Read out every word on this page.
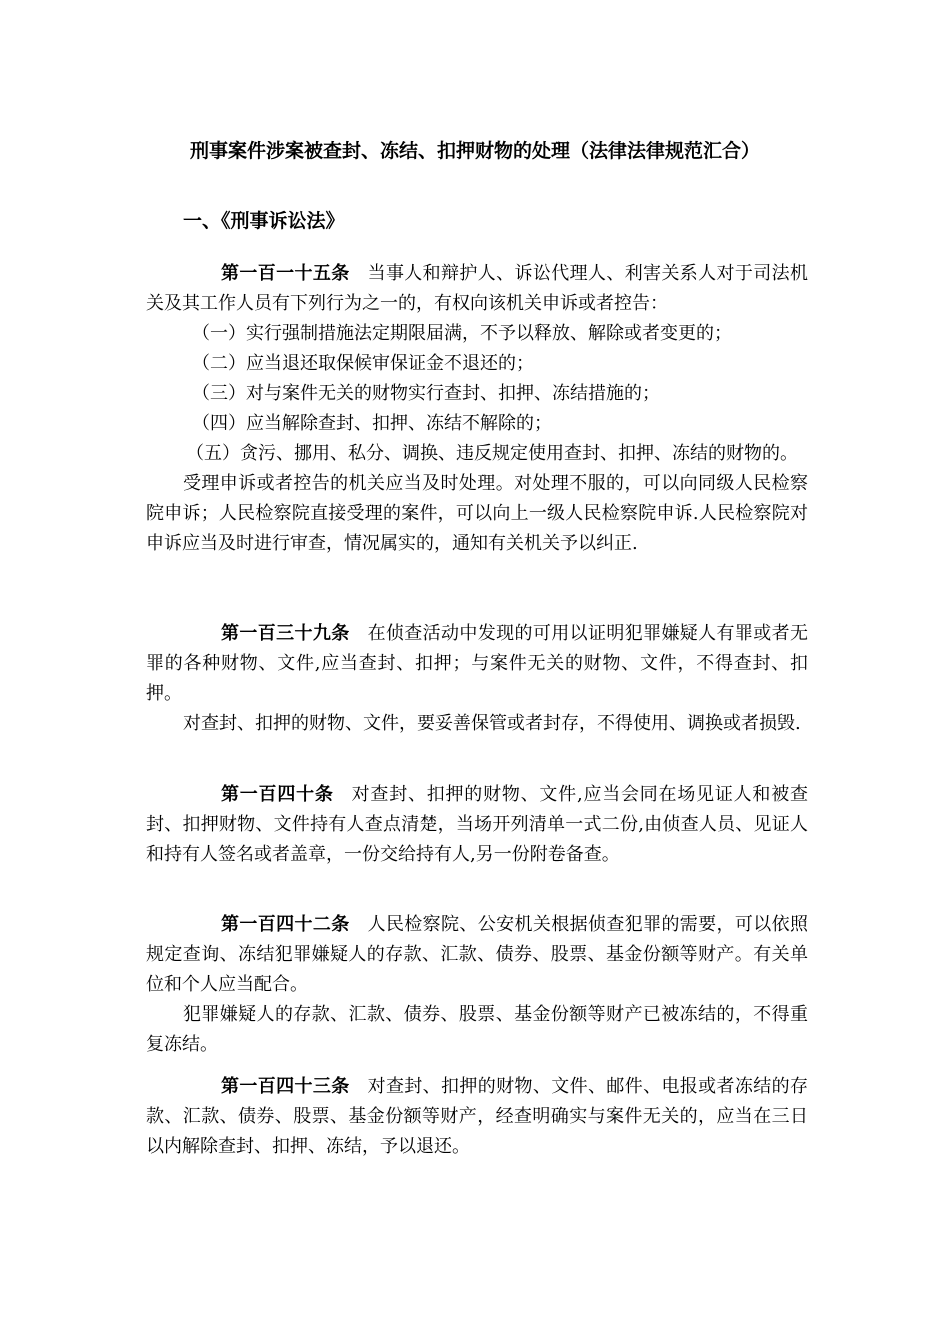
刑事案件涉案被查封、冻结、扣押财物的处理（法律法律规范汇合）
一、《刑事诉讼法》

第一百一十五条 当事人和辩护人、诉讼代理人、利害关系人对于司法机关及其工作人员有下列行为之一的，有权向该机关申诉或者控告：

（一）实行强制措施法定期限届满，不予以释放、解除或者变更的；

（二）应当退还取保候审保证金不退还的；

（三）对与案件无关的财物实行查封、扣押、冻结措施的；

（四）应当解除查封、扣押、冻结不解除的；

（五）贪污、挪用、私分、调换、违反规定使用查封、扣押、冻结的财物的。

受理申诉或者控告的机关应当及时处理。对处理不服的，可以向同级人民检察院申诉；人民检察院直接受理的案件，可以向上一级人民检察院申诉.人民检察院对申诉应当及时进行审查，情况属实的，通知有关机关予以纠正.

第一百三十九条 在侦查活动中发现的可用以证明犯罪嫌疑人有罪或者无罪的各种财物、文件,应当查封、扣押；与案件无关的财物、文件，不得查封、扣押。

对查封、扣押的财物、文件，要妥善保管或者封存，不得使用、调换或者损毁.

第一百四十条 对查封、扣押的财物、文件,应当会同在场见证人和被查封、扣押财物、文件持有人查点清楚，当场开列清单一式二份,由侦查人员、见证人和持有人签名或者盖章，一份交给持有人,另一份附卷备查。

第一百四十二条 人民检察院、公安机关根据侦查犯罪的需要，可以依照规定查询、冻结犯罪嫌疑人的存款、汇款、债券、股票、基金份额等财产。有关单位和个人应当配合。

犯罪嫌疑人的存款、汇款、债券、股票、基金份额等财产已被冻结的，不得重复冻结。

第一百四十三条 对查封、扣押的财物、文件、邮件、电报或者冻结的存款、汇款、债券、股票、基金份额等财产，经查明确实与案件无关的，应当在三日以内解除查封、扣押、冻结，予以退还。
